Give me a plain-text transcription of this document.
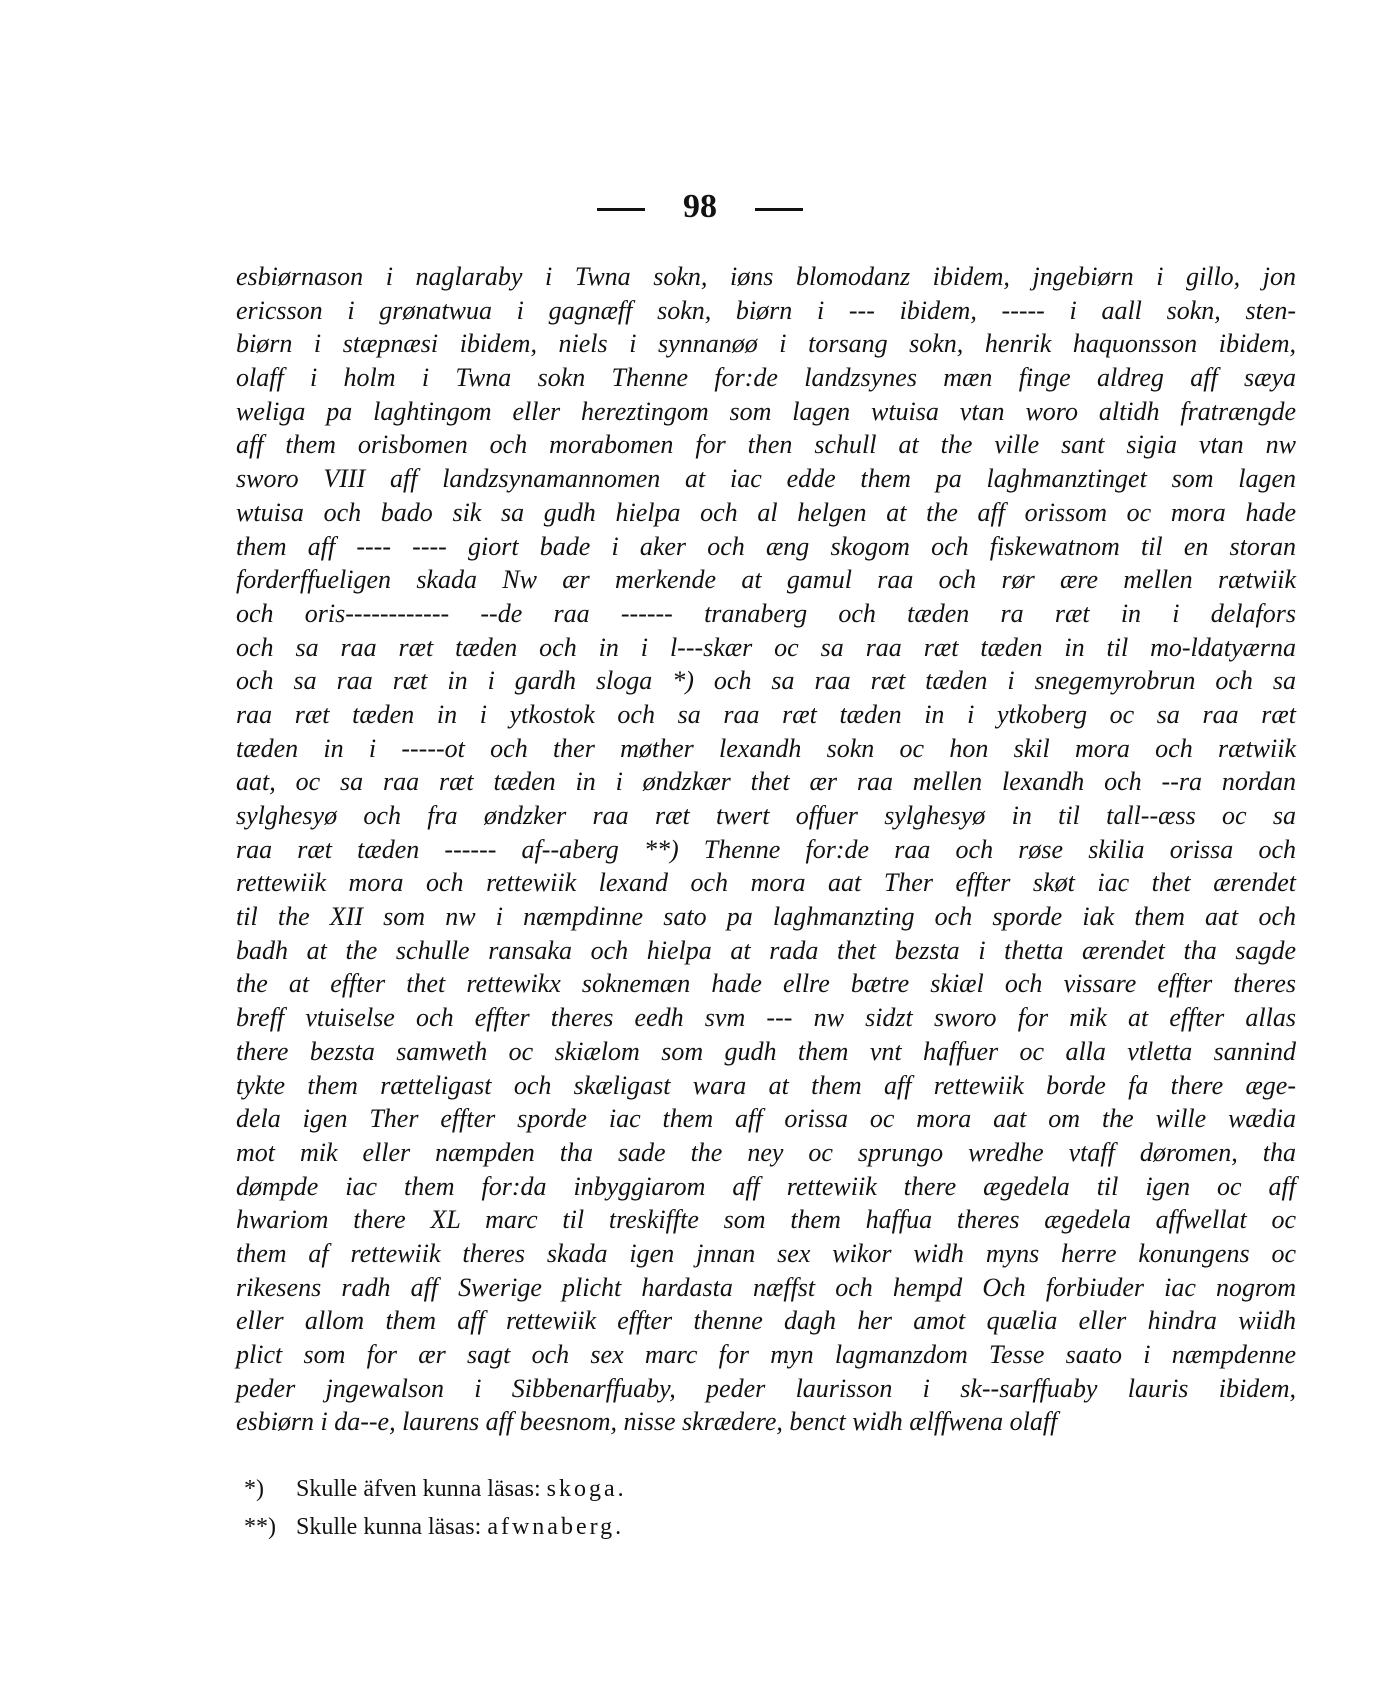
98
esbiørnason i naglaraby i Twna sokn, iøns blomodanz ibidem, jngebiørn i gillo, jon
ericsson i grønatwua i gagnæff sokn, biørn i --- ibidem, ----- i aall sokn, sten-
biørn i stæpnæsi ibidem, niels i synnanøø i torsang sokn, henrik haquonsson ibidem,
olaff i holm i Twna sokn Thenne for:de landzsynes mæn finge aldreg aff sæya
weliga pa laghtingom eller hereztingom som lagen wtuisa vtan woro altidh fratrængde
aff them orisbomen och morabomen for then schull at the ville sant sigia vtan nw
sworo VIII aff landzsynamannomen at iac edde them pa laghmanztinget som lagen
wtuisa och bado sik sa gudh hielpa och al helgen at the aff orissom oc mora hade
them aff ---- ---- giort bade i aker och æng skogom och fiskewatnom til en storan
forderffueligen skada Nw ær merkende at gamul raa och rør ære mellen rætwiik
och oris------------ --de raa ------ tranaberg och tæden ra ræt in i delafors
och sa raa ræt tæden och in i l---skær oc sa raa ræt tæden in til mo-ldatyærna
och sa raa ræt in i gardh sloga *) och sa raa ræt tæden i snegemyrobrun och sa
raa ræt tæden in i ytkostok och sa raa ræt tæden in i ytkoberg oc sa raa ræt
tæden in i -----ot och ther møther lexandh sokn oc hon skil mora och rætwiik
aat, oc sa raa ræt tæden in i øndzkær thet ær raa mellen lexandh och --ra nordan
sylghesyø och fra øndzker raa ræt twert offuer sylghesyø in til tall--æss oc sa
raa ræt tæden ------ af--aberg **) Thenne for:de raa och røse skilia orissa och
rettewiik mora och rettewiik lexand och mora aat Ther effter skøt iac thet ærendet
til the XII som nw i næmpdinne sato pa laghmanzting och sporde iak them aat och
badh at the schulle ransaka och hielpa at rada thet bezsta i thetta ærendet tha sagde
the at effter thet rettewikx soknemæn hade ellre bætre skiæl och vissare effter theres
breff vtuiselse och effter theres eedh svm --- nw sidzt sworo for mik at effter allas
there bezsta samweth oc skiælom som gudh them vnt haffuer oc alla vtletta sannind
tykte them rætteligast och skæligast wara at them aff rettewiik borde fa there æge-
dela igen Ther effter sporde iac them aff orissa oc mora aat om the wille wædia
mot mik eller næmpden tha sade the ney oc sprungo wredhe vtaff døromen, tha
dømpde iac them for:da inbyggiarom aff rettewiik there ægedela til igen oc aff
hwariom there XL marc til treskiffte som them haffua theres ægedela affwellat oc
them af rettewiik theres skada igen jnnan sex wikor widh myns herre konungens oc
rikesens radh aff Swerige plicht hardasta næffst och hempd Och forbiuder iac nogrom
eller allom them aff rettewiik effter thenne dagh her amot quælia eller hindra wiidh
plict som for ær sagt och sex marc for myn lagmanzdom Tesse saato i næmpdenne
peder jngewalson i Sibbenarffuaby, peder laurisson i sk--sarffuaby lauris ibidem,
esbiørn i da--e, laurens aff beesnom, nisse skrædere, benct widh ælffwena olaff
*) Skulle äfven kunna läsas: skoga.
**) Skulle kunna läsas: afwnaberg.
